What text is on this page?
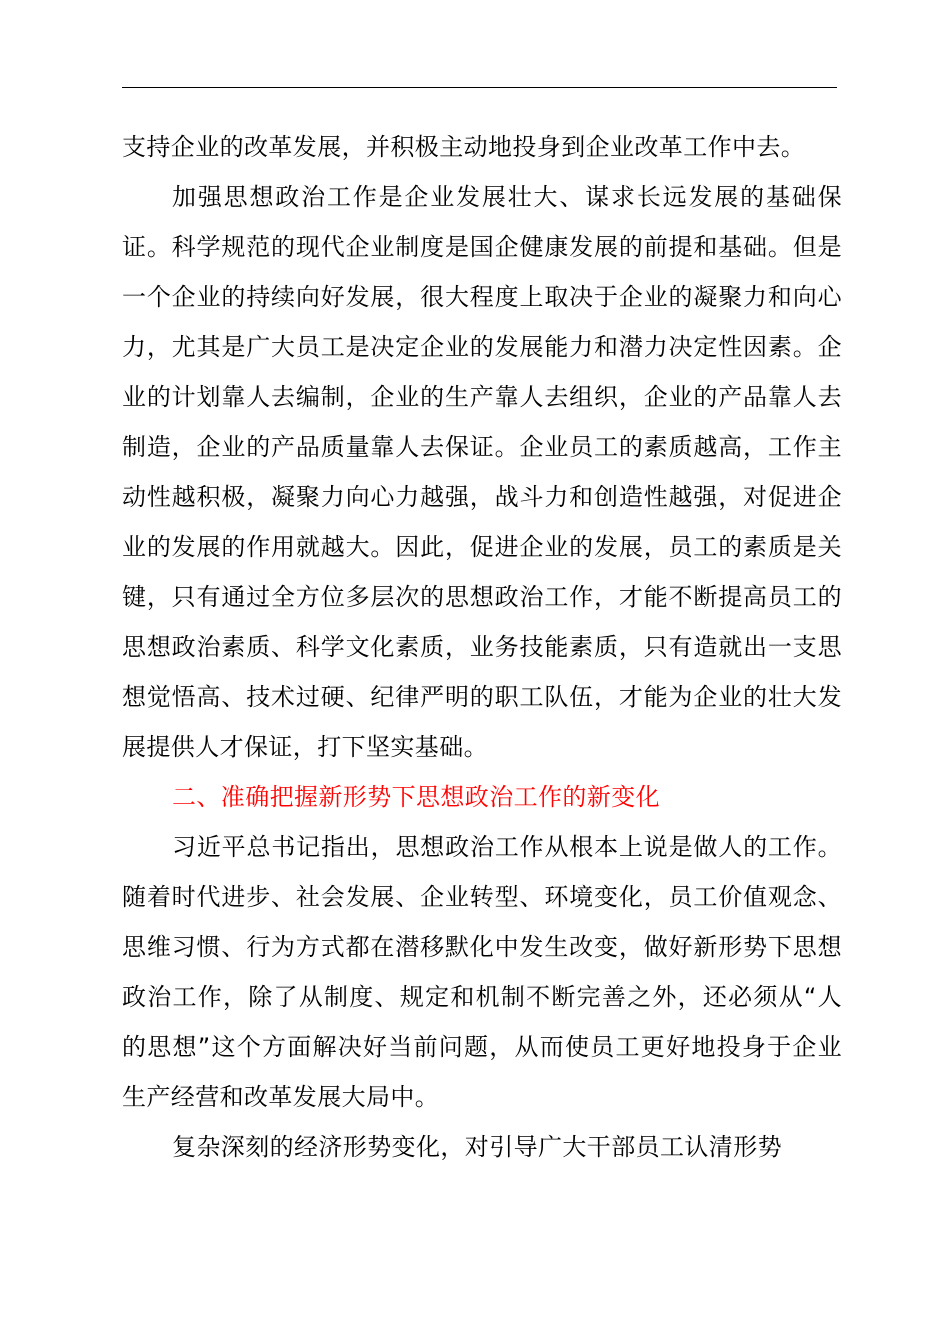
支持企业的改革发展，并积极主动地投身到企业改革工作中去。

加强思想政治工作是企业发展壮大、谋求长远发展的基础保证。科学规范的现代企业制度是国企健康发展的前提和基础。但是一个企业的持续向好发展，很大程度上取决于企业的凝聚力和向心力，尤其是广大员工是决定企业的发展能力和潜力决定性因素。企业的计划靠人去编制，企业的生产靠人去组织，企业的产品靠人去制造，企业的产品质量靠人去保证。企业员工的素质越高，工作主动性越积极，凝聚力向心力越强，战斗力和创造性越强，对促进企业的发展的作用就越大。因此，促进企业的发展，员工的素质是关键，只有通过全方位多层次的思想政治工作，才能不断提高员工的思想政治素质、科学文化素质，业务技能素质，只有造就出一支思想觉悟高、技术过硬、纪律严明的职工队伍，才能为企业的壮大发展提供人才保证，打下坚实基础。

二、准确把握新形势下思想政治工作的新变化

习近平总书记指出，思想政治工作从根本上说是做人的工作。随着时代进步、社会发展、企业转型、环境变化，员工价值观念、思维习惯、行为方式都在潜移默化中发生改变，做好新形势下思想政治工作，除了从制度、规定和机制不断完善之外，还必须从“人的思想”这个方面解决好当前问题，从而使员工更好地投身于企业生产经营和改革发展大局中。

复杂深刻的经济形势变化，对引导广大干部员工认清形势
